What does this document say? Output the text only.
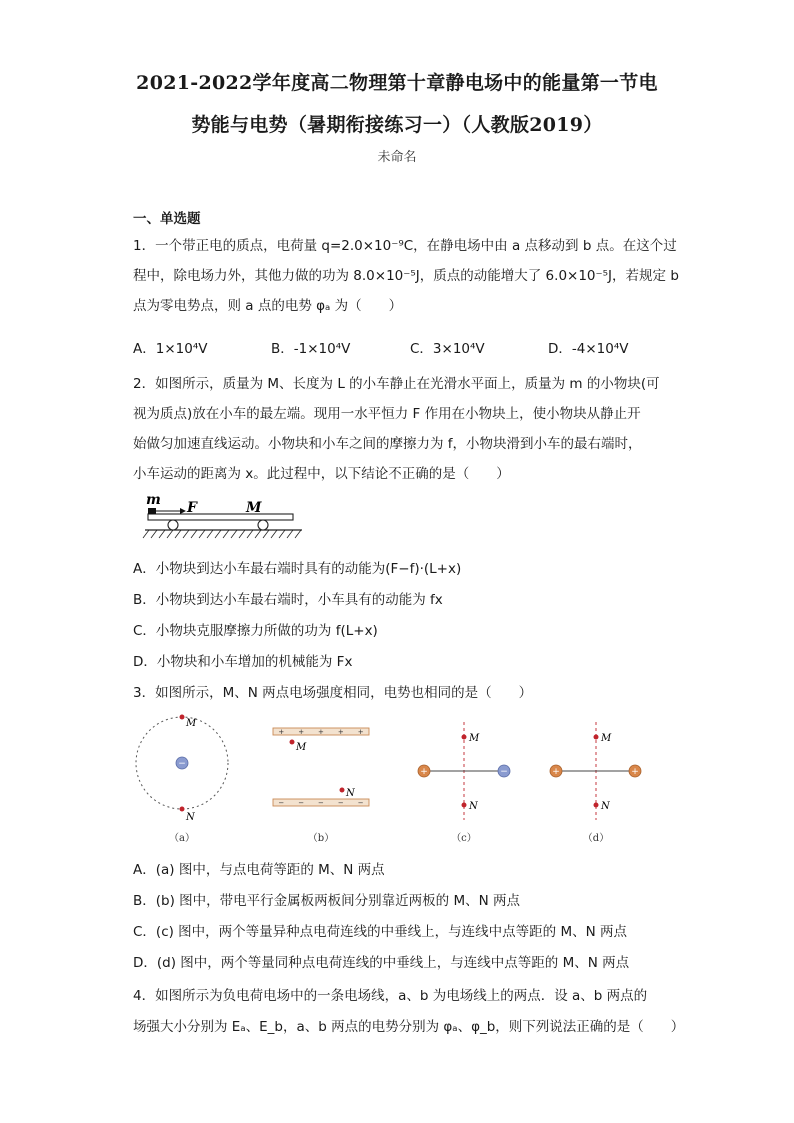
2021-2022学年度高二物理第十章静电场中的能量第一节电
势能与电势（暑期衔接练习一）（人教版2019）
未命名
一、单选题
1．一个带正电的质点，电荷量 q=2.0×10⁻⁹C，在静电场中由 a 点移动到 b 点。在这个过
程中，除电场力外，其他力做的功为 8.0×10⁻⁵J，质点的动能增大了 6.0×10⁻⁵J，若规定 b
点为零电势点，则 a 点的电势 φₐ 为（　　）
A．1×10⁴V	B．-1×10⁴V	C．3×10⁴V	D．-4×10⁴V
2．如图所示，质量为 M、长度为 L 的小车静止在光滑水平面上，质量为 m 的小物块(可
视为质点)放在小车的最左端。现用一水平恒力 F 作用在小物块上，使小物块从静止开
始做匀加速直线运动。小物块和小车之间的摩擦力为 f，小物块滑到小车的最右端时，
小车运动的距离为 x。此过程中，以下结论不正确的是（　　）
m F	M
A．小物块到达小车最右端时具有的动能为(F−f)·(L+x)
B．小物块到达小车最右端时，小车具有的动能为 fx
C．小物块克服摩擦力所做的功为 f(L+x)
D．小物块和小车增加的机械能为 Fx
3．如图所示，M、N 两点电场强度相同，电势也相同的是（　　）
−
M
N
（a）
+　　+　　+　　+　　+
−　　−　　−　　−　　−
M
N
（b）
+	−
M
N
（c）
+	+
M
N
（d）
A．(a) 图中，与点电荷等距的 M、N 两点
B．(b) 图中，带电平行金属板两板间分别靠近两板的 M、N 两点
C．(c) 图中，两个等量异种点电荷连线的中垂线上，与连线中点等距的 M、N 两点
D．(d) 图中，两个等量同种点电荷连线的中垂线上，与连线中点等距的 M、N 两点
4．如图所示为负电荷电场中的一条电场线，a、b 为电场线上的两点．设 a、b 两点的
场强大小分别为 Eₐ、E_b，a、b 两点的电势分别为 φₐ、φ_b，则下列说法正确的是（　　）
